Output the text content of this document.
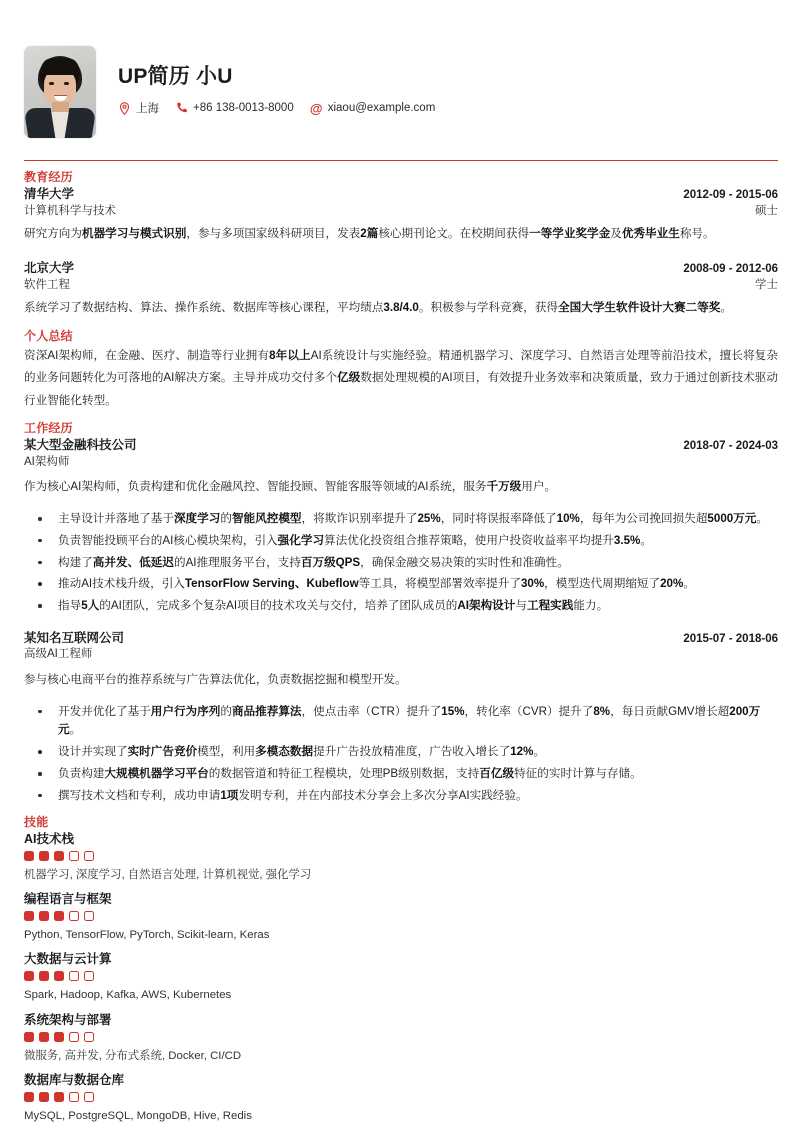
UP简历 小U
上海	+86 138-0013-8000 @ xiaou@example.com
教育经历
清华大学	2012-09 - 2015-06
计算机科学与技术	硕士

研究方向为机器学习与模式识别，参与多项国家级科研项目，发表2篇核心期刊论文。在校期间获得一等学业奖学金及优秀毕业生称号。

北京大学	2008-09 - 2012-06
软件工程	学士

系统学习了数据结构、算法、操作系统、数据库等核心课程，平均绩点3.8/4.0。积极参与学科竞赛，获得全国大学生软件设计大赛二等奖。

个人总结

资深AI架构师，在金融、医疗、制造等行业拥有8年以上AI系统设计与实施经验。精通机器学习、深度学习、自然语言处理等前沿技术，擅长将复杂的业务问题转化为可落地的AI解决方案。主导并成功交付多个亿级数据处理规模的AI项目，有效提升业务效率和决策质量，致力于通过创新技术驱动行业智能化转型。

工作经历
某大型金融科技公司	2018-07 - 2024-03
AI架构师

作为核心AI架构师，负责构建和优化金融风控、智能投顾、智能客服等领域的AI系统，服务千万级用户。

主导设计并落地了基于深度学习的智能风控模型，将欺诈识别率提升了25%，同时将误报率降低了10%，每年为公司挽回损失超5000万元。
负责智能投顾平台的AI核心模块架构，引入强化学习算法优化投资组合推荐策略，使用户投资收益率平均提升3.5%。
构建了高并发、低延迟的AI推理服务平台，支持百万级QPS，确保金融交易决策的实时性和准确性。
推动AI技术栈升级，引入TensorFlow Serving、Kubeflow等工具，将模型部署效率提升了30%，模型迭代周期缩短了20%。
指导5人的AI团队，完成多个复杂AI项目的技术攻关与交付，培养了团队成员的AI架构设计与工程实践能力。
某知名互联网公司	2015-07 - 2018-06
高级AI工程师

参与核心电商平台的推荐系统与广告算法优化，负责数据挖掘和模型开发。

开发并优化了基于用户行为序列的商品推荐算法，使点击率（CTR）提升了15%，转化率（CVR）提升了8%，每日贡献GMV增长超200万元。
设计并实现了实时广告竞价模型，利用多模态数据提升广告投放精准度，广告收入增长了12%。
负责构建大规模机器学习平台的数据管道和特征工程模块，处理PB级别数据，支持百亿级特征的实时计算与存储。
撰写技术文档和专利，成功申请1项发明专利，并在内部技术分享会上多次分享AI实践经验。
技能
AI技术栈
机器学习, 深度学习, 自然语言处理, 计算机视觉, 强化学习
编程语言与框架
Python, TensorFlow, PyTorch, Scikit-learn, Keras
大数据与云计算
Spark, Hadoop, Kafka, AWS, Kubernetes
系统架构与部署
微服务, 高并发, 分布式系统, Docker, CI/CD
数据库与数据仓库
MySQL, PostgreSQL, MongoDB, Hive, Redis
